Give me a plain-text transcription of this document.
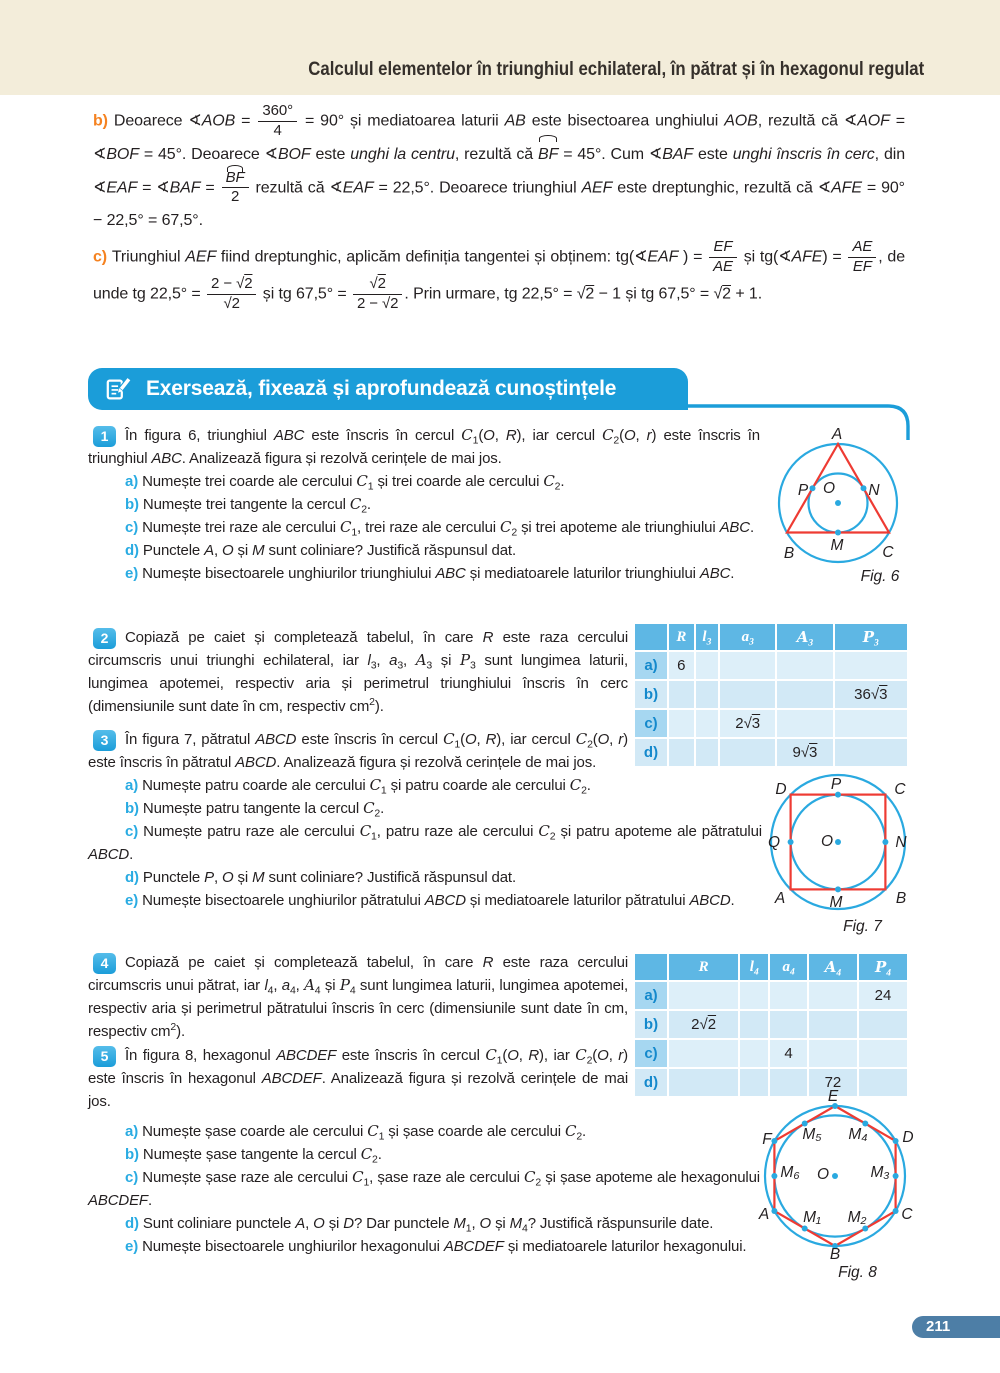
Calculul elementelor în triunghiul echilateral, în pătrat și în hexagonul regulat

b) Deoarece ∢AOB = $\frac{360^\circ}{4} = 90^\circ$ și mediatoarea laturii AB este bisectoarea unghiului AOB, rezultă că ∢AOF = ∢BOF = 45°. Deoarece ∢BOF este unghi la centru, rezultă că BF = 45°. Cum ∢BAF este unghi înscris în cerc, din ∢EAF = ∢BAF = $\frac{BF}{2}$ rezultă că ∢EAF = 22,5°. Deoarece triunghiul AEF este dreptunghic, rezultă că ∢AFE = 90° − 22,5° = 67,5°.

c) Triunghiul AEF fiind dreptunghic, aplicăm definiția tangentei și obținem: tg(∢EAF ) = $\frac{EF}{AE}$ și tg(∢AFE) = $\frac{AE}{EF}$ , de unde tg $22,5^\circ = \frac{2 - √2}{√2}$ și tg $67,5^\circ = \frac{√2}{2 - √2}$ . Prin urmare, tg 22,5° = √2 − 1 și tg 67,5° = √2 + 1.

Exersează, fixează și aprofundează cunoștințele
1	În figura 6, triunghiul ABC este înscris în cercul $C_1(O$, R), iar cercul $C_2(O$, r) este înscris în triunghiul ABC. Analizează figura și rezolvă cerințele de mai jos.

a) Numește trei coarde ale cercului $C_1$ și trei coarde ale cercului $C_2$.

b) Numește trei tangente la cercul $C_2$.

c) Numește trei raze ale cercului $C_1$, trei raze ale cercului $C_2$ și trei apoteme ale triunghiului ABC.

d) Punctele A, O și M sunt coliniare? Justifică răspunsul dat.

e) Numește bisectoarele unghiurilor triunghiului ABC și mediatoarele laturilor triunghiului ABC.

2	Copiază pe caiet și completează tabelul, în care R este raza cercului circumscris unui triunghi echilateral, iar $l_3$, $a_3$, $A_3$ și $P_3$ sunt lungimea laturii, lungimea apotemei, respectiv aria și perimetrul triunghiului înscris în cerc (dimensiunile sunt date în cm, respectiv $cm^2$).

3	În figura 7, pătratul ABCD este înscris în cercul $C_1(O$, R), iar cercul $C_2(O$, r) este înscris în pătratul ABCD. Analizează figura și rezolvă cerințele de mai jos.

a) Numește patru coarde ale cercului $C_1$ și patru coarde ale cercului $C_2$.

b) Numește patru tangente la cercul $C_2$.

c) Numește patru raze ale cercului $C_1$, patru raze ale cercului $C_2$ și patru apoteme ale pătratului ABCD.

d) Punctele P, O și M sunt coliniare? Justifică răspunsul dat.

e) Numește bisectoarele unghiurilor pătratului ABCD și mediatoarele laturilor pătratului ABCD.

4	Copiază pe caiet și completează tabelul, în care R este raza cercului circumscris unui pătrat, iar $l_4$, $a_4$, $A_4$ și $P_4$ sunt lungimea laturii, lungimea apotemei, respectiv aria și perimetrul pătratului înscris în cerc (dimensiunile sunt date în cm, respectiv $cm^2$).

5	În figura 8, hexagonul ABCDEF este înscris în cercul $C_1(O$, R), iar $C_2(O$, r) este înscris în hexagonul ABCDEF. Analizează figura și rezolvă cerințele de mai jos.

a) Numește șase coarde ale cercului $C_1$ și șase coarde ale cercului $C_2$.

b) Numește șase tangente la cercul $C_2$.

c) Numește șase raze ale cercului $C_1$, șase raze ale cercului $C_2$ și șase apoteme ale hexagonului ABCDEF.

d) Sunt coliniare punctele A, O și D? Dar punctele $M_1$, O și $M_4$? Justifică răspunsurile date.

e) Numește bisectoarele unghiurilor hexagonului ABCDEF și mediatoarele laturilor hexagonului.

	R	$l_3$	$a_3$	$A_3$	$P_3$
a)	6				
b)					36√3
c)			2√3		
d)				9√3	
	R	$l_4$	$a_4$	$A_4$	$P_4$
a)					24
b)	2√2				
c)			4		
d)				72	
A
B	C
P	N
O
M
Fig. 6
D	P	C
Q	O	N
A	M	B
Fig. 7
E
F	D
A	C
B
M₅ M₄
M₆	M₃
M₁ M₂
O
Fig. 8
211
